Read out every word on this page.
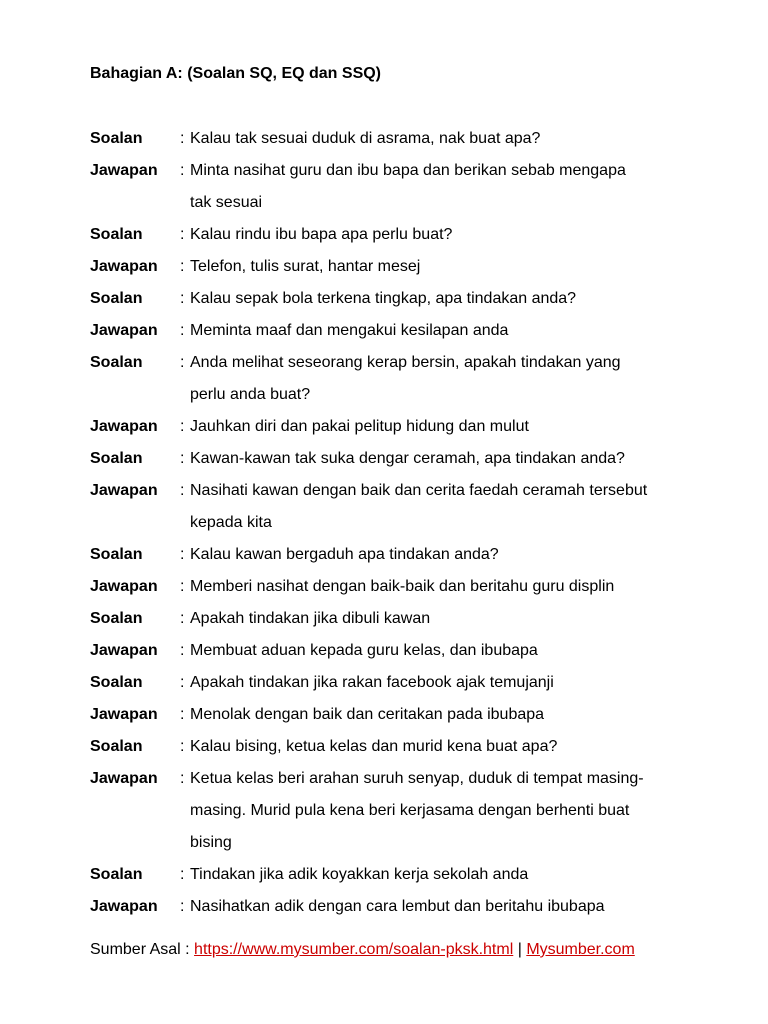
Bahagian A: (Soalan SQ, EQ dan SSQ)
Soalan	: Kalau tak sesuai duduk di asrama, nak buat apa?
Jawapan	: Minta nasihat guru dan ibu bapa dan berikan sebab mengapa
tak sesuai
Soalan	: Kalau rindu ibu bapa apa perlu buat?
Jawapan	: Telefon, tulis surat, hantar mesej
Soalan	: Kalau sepak bola terkena tingkap, apa tindakan anda?
Jawapan	: Meminta maaf dan mengakui kesilapan anda
Soalan	: Anda melihat seseorang kerap bersin, apakah tindakan yang
perlu anda buat?
Jawapan	: Jauhkan diri dan pakai pelitup hidung dan mulut
Soalan	: Kawan-kawan tak suka dengar ceramah, apa tindakan anda?
Jawapan	: Nasihati kawan dengan baik dan cerita faedah ceramah tersebut
kepada kita
Soalan	: Kalau kawan bergaduh apa tindakan anda?
Jawapan	: Memberi nasihat dengan baik-baik dan beritahu guru displin
Soalan	: Apakah tindakan jika dibuli kawan
Jawapan	: Membuat aduan kepada guru kelas, dan ibubapa
Soalan	: Apakah tindakan jika rakan facebook ajak temujanji
Jawapan	: Menolak dengan baik dan ceritakan pada ibubapa
Soalan	: Kalau bising, ketua kelas dan murid kena buat apa?
Jawapan	: Ketua kelas beri arahan suruh senyap, duduk di tempat masing-
masing. Murid pula kena beri kerjasama dengan berhenti buat
bising
Soalan	: Tindakan jika adik koyakkan kerja sekolah anda
Jawapan	: Nasihatkan adik dengan cara lembut dan beritahu ibubapa
Sumber Asal : https://www.mysumber.com/soalan-pksk.html | Mysumber.com
